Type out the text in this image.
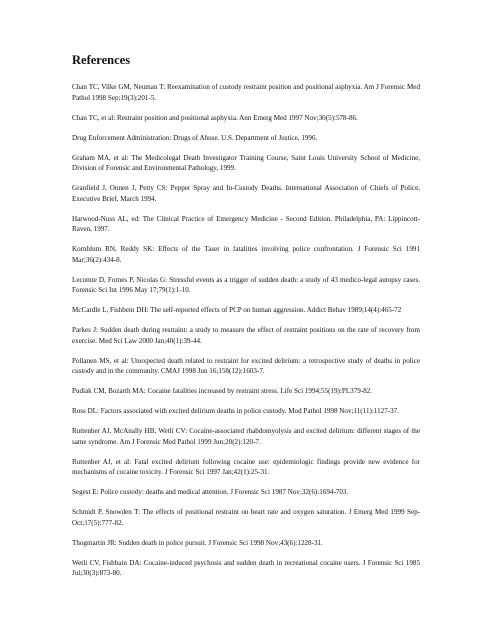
References
Chan TC, Vilke GM, Neuman T: Reexamination of custody restraint position and positional asphyxia. Am J Forensic Med Pathol 1998 Sep;19(3):201-5.
Chan TC, et al: Restraint position and positional asphyxia. Ann Emerg Med 1997 Nov;30(5):578-86.
Drug Enforcement Administration: Drugs of Abuse. U.S. Department of Justice, 1996.
Graham MA, et al: The Medicolegal Death Investigator Training Course, Saint Louis University School of Medicine, Division of Forensic and Environmental Pathology, 1999.
Granfield J, Onnen J, Petty CS: Pepper Spray and In-Custody Deaths. International Association of Chiefs of Police, Executive Brief, March 1994.
Harwood-Nuss AL, ed: The Clinical Practice of Emergency Medicine - Second Edition. Philadelphia, PA: Lippincott-Raven, 1997.
Kornblum RN, Reddy SK: Effects of the Taser in fatalities involving police confrontation. J Forensic Sci 1991 Mar;36(2):434-8.
Lecomte D, Fornes P, Nicolas G: Stressful events as a trigger of sudden death: a study of 43 medico-legal autopsy cases. Forensic Sci Int 1996 May 17;79(1):1-10.
McCardle L, Fishbein DH: The self-reported effects of PCP on human aggression. Addict Behav 1989;14(4):465-72
Parkes J: Sudden death during restraint: a study to measure the effect of restraint positions on the rate of recovery from exercise. Med Sci Law 2000 Jan;40(1):39-44.
Pollanen MS, et al: Unexpected death related to restraint for excited delirium: a retrospective study of deaths in police custody and in the community. CMAJ 1998 Jun 16;158(12):1603-7.
Pudiak CM, Bozarth MA: Cocaine fatalities increased by restraint stress. Life Sci 1994;55(19):PL379-82.
Ross DL: Factors associated with excited delirium deaths in police custody. Mod Pathol 1998 Nov;11(11):1127-37.
Ruttenber AJ, McAnally HB, Wetli CV: Cocaine-associated rhabdomyolysis and excited delirium: different stages of the same syndrome. Am J Forensic Med Pathol 1999 Jun;20(2):120-7.
Ruttenber AJ, et al: Fatal excited delirium following cocaine use: epidemiologic findings provide new evidence for mechanisms of cocaine toxicity. J Forensic Sci 1997 Jan;42(1):25-31.
Segest E: Police custody: deaths and medical attention. J Forensic Sci 1987 Nov;32(6):1694-703.
Schmidt P, Snowden T: The effects of positional restraint on heart rate and oxygen saturation. J Emerg Med 1999 Sep-Oct;17(5):777-82.
Thogmartin JR: Sudden death in police pursuit. J Forensic Sci 1998 Nov;43(6):1228-31.
Wetli CV, Fishbain DA: Cocaine-induced psychosis and sudden death in recreational cocaine users. J Forensic Sci 1985 Jul;30(3):873-80.
